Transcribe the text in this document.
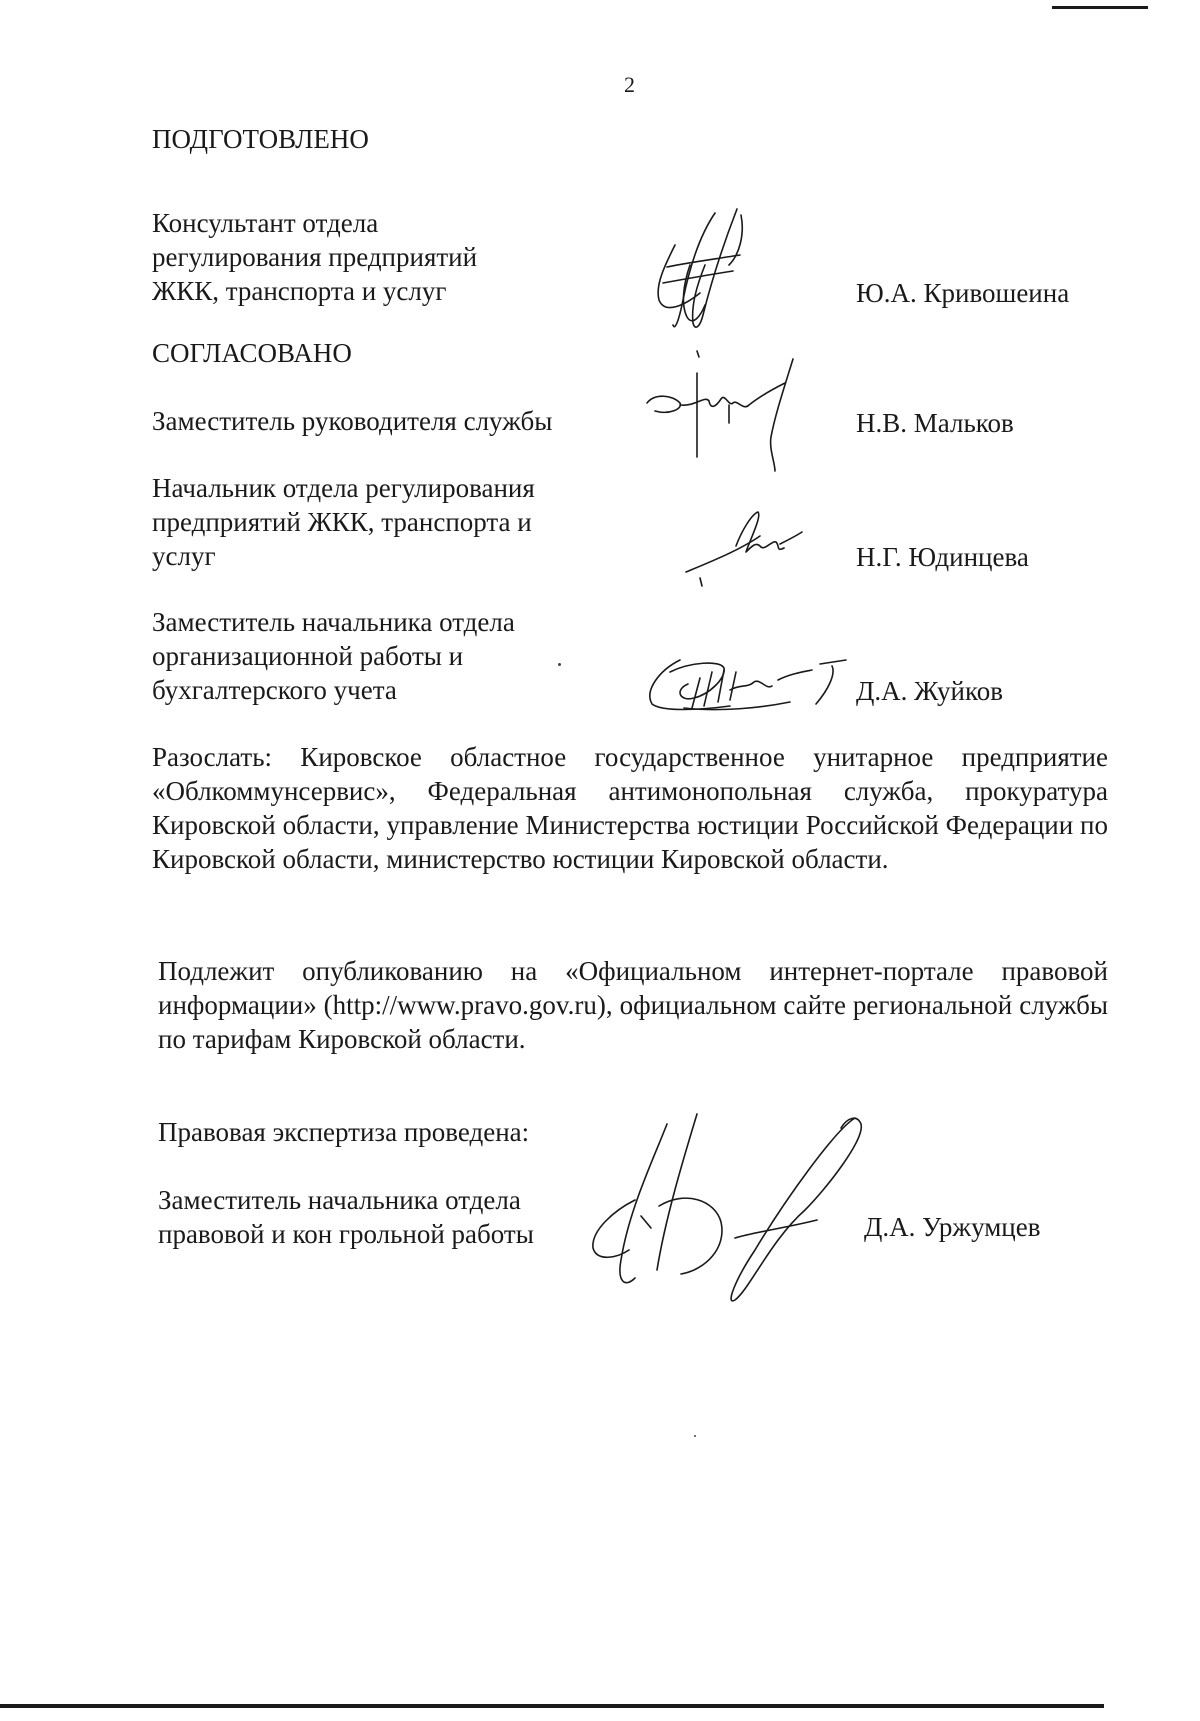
2
ПОДГОТОВЛЕНО
Консультант отдела
регулирования предприятий
ЖКК, транспорта и услуг	Ю.А. Кривошеина
СОГЛАСОВАНО
Заместитель руководителя службы	Н.В. Мальков
Начальник отдела регулирования
предприятий ЖКК, транспорта и
услуг	Н.Г. Юдинцева
Заместитель начальника отдела
организационной работы и
бухгалтерского учета	Д.А. Жуйков
Разослать: Кировское областное государственное унитарное предприятие «Облкоммунсервис», Федеральная антимонопольная служба, прокуратура Кировской области, управление Министерства юстиции Российской Федерации по Кировской области, министерство юстиции Кировской области.
Подлежит опубликованию на «Официальном интернет-портале правовой информации» (http://www.pravo.gov.ru), официальном сайте региональной службы по тарифам Кировской области.
Правовая экспертиза проведена:
Заместитель начальника отдела
правовой и кон грольной работы	Д.А. Уржумцев
